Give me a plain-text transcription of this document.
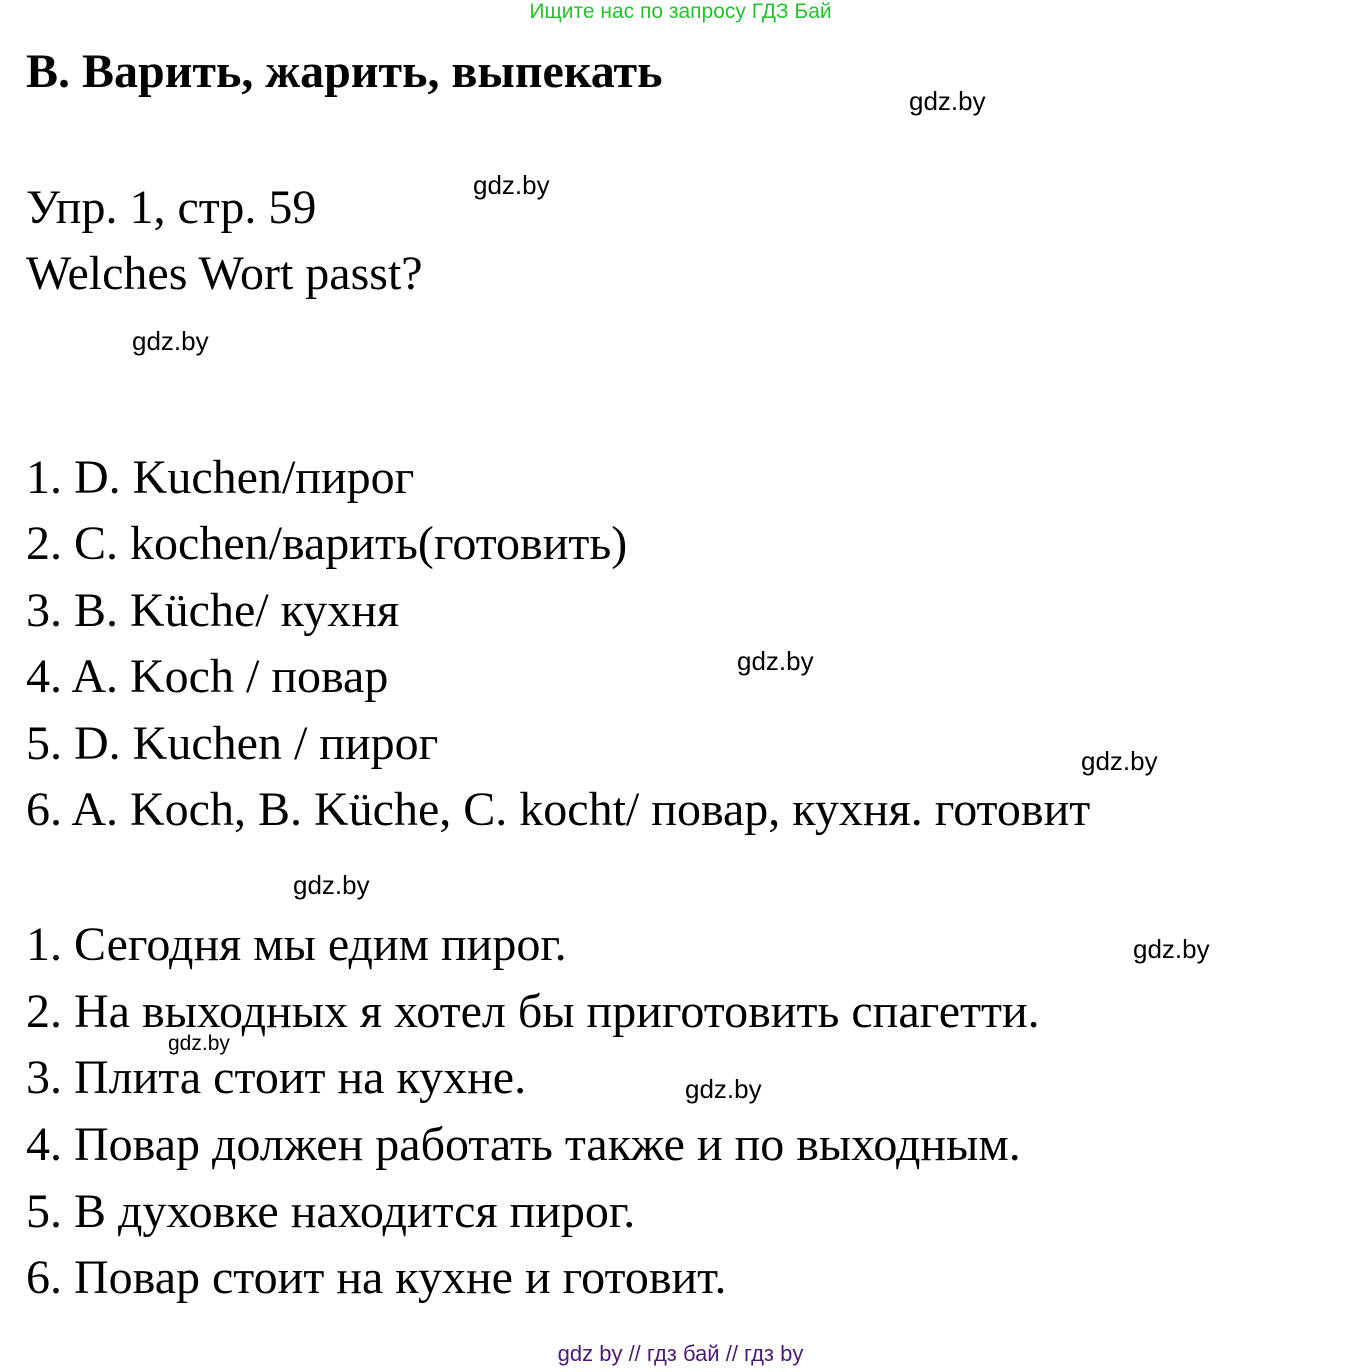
Ищите нас по запросу ГДЗ Бай
B. Варить, жарить, выпекать
gdz.by
Упр. 1, стр. 59	gdz.by
Welches Wort passt?
gdz.by
1. D. Kuchen/пирог
2. C. kochen/варить(готовить)
3. B. Küche/ кухня
4. A. Koch / повар
5. D. Kuchen / пирог
6. A. Koch, B. Küche, C. kocht/ повар, кухня. готовит
gdz.by
gdz.by
gdz.by
1. Сегодня мы едим пирог.
2. На выходных я хотел бы приготовить спагетти.
3. Плита стоит на кухне.
4. Повар должен работать также и по выходным.
5. В духовке находится пирог.
6. Повар стоит на кухне и готовит.
gdz.by
gdz.by
gdz.by
gdz by // гдз бай // гдз by
